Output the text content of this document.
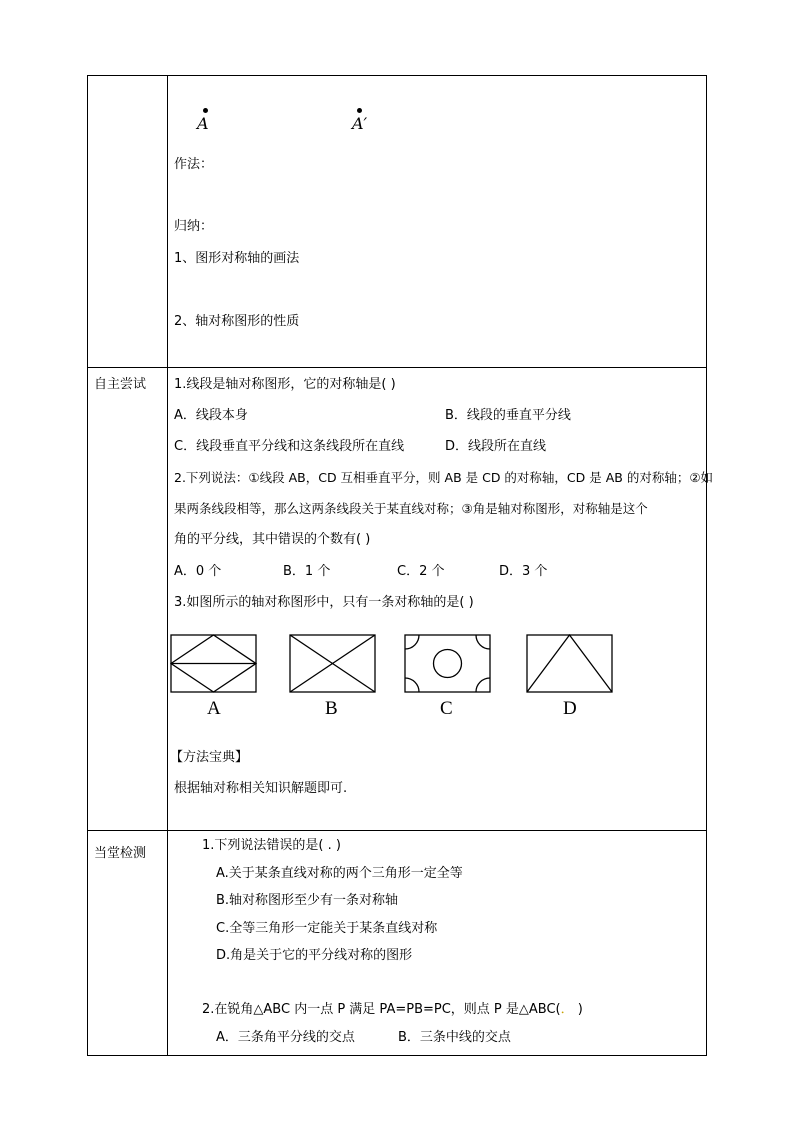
A	A′
作法：
归纳：
1、图形对称轴的画法
2、轴对称图形的性质
自主尝试 1.线段是轴对称图形，它的对称轴是( )
A．线段本身	B．线段的垂直平分线
C．线段垂直平分线和这条线段所在直线	D．线段所在直线
2.下列说法：①线段 AB，CD 互相垂直平分，则 AB 是 CD 的对称轴，CD 是 AB 的对称轴；②如
果两条线段相等，那么这两条线段关于某直线对称；③角是轴对称图形，对称轴是这个
角的平分线，其中错误的个数有( )
A．0 个	B．1 个	C．2 个	D．3 个
3.如图所示的轴对称图形中，只有一条对称轴的是( )
A	B	C	D
【方法宝典】
根据轴对称相关知识解题即可.
当堂检测
1.下列说法错误的是( . )
A.关于某条直线对称的两个三角形一定全等
B.轴对称图形至少有一条对称轴
C.全等三角形一定能关于某条直线对称
D.角是关于它的平分线对称的图形
2.在锐角△ABC 内一点 P 满足 PA=PB=PC，则点 P 是△ABC(． )
A．三条角平分线的交点	B．三条中线的交点
